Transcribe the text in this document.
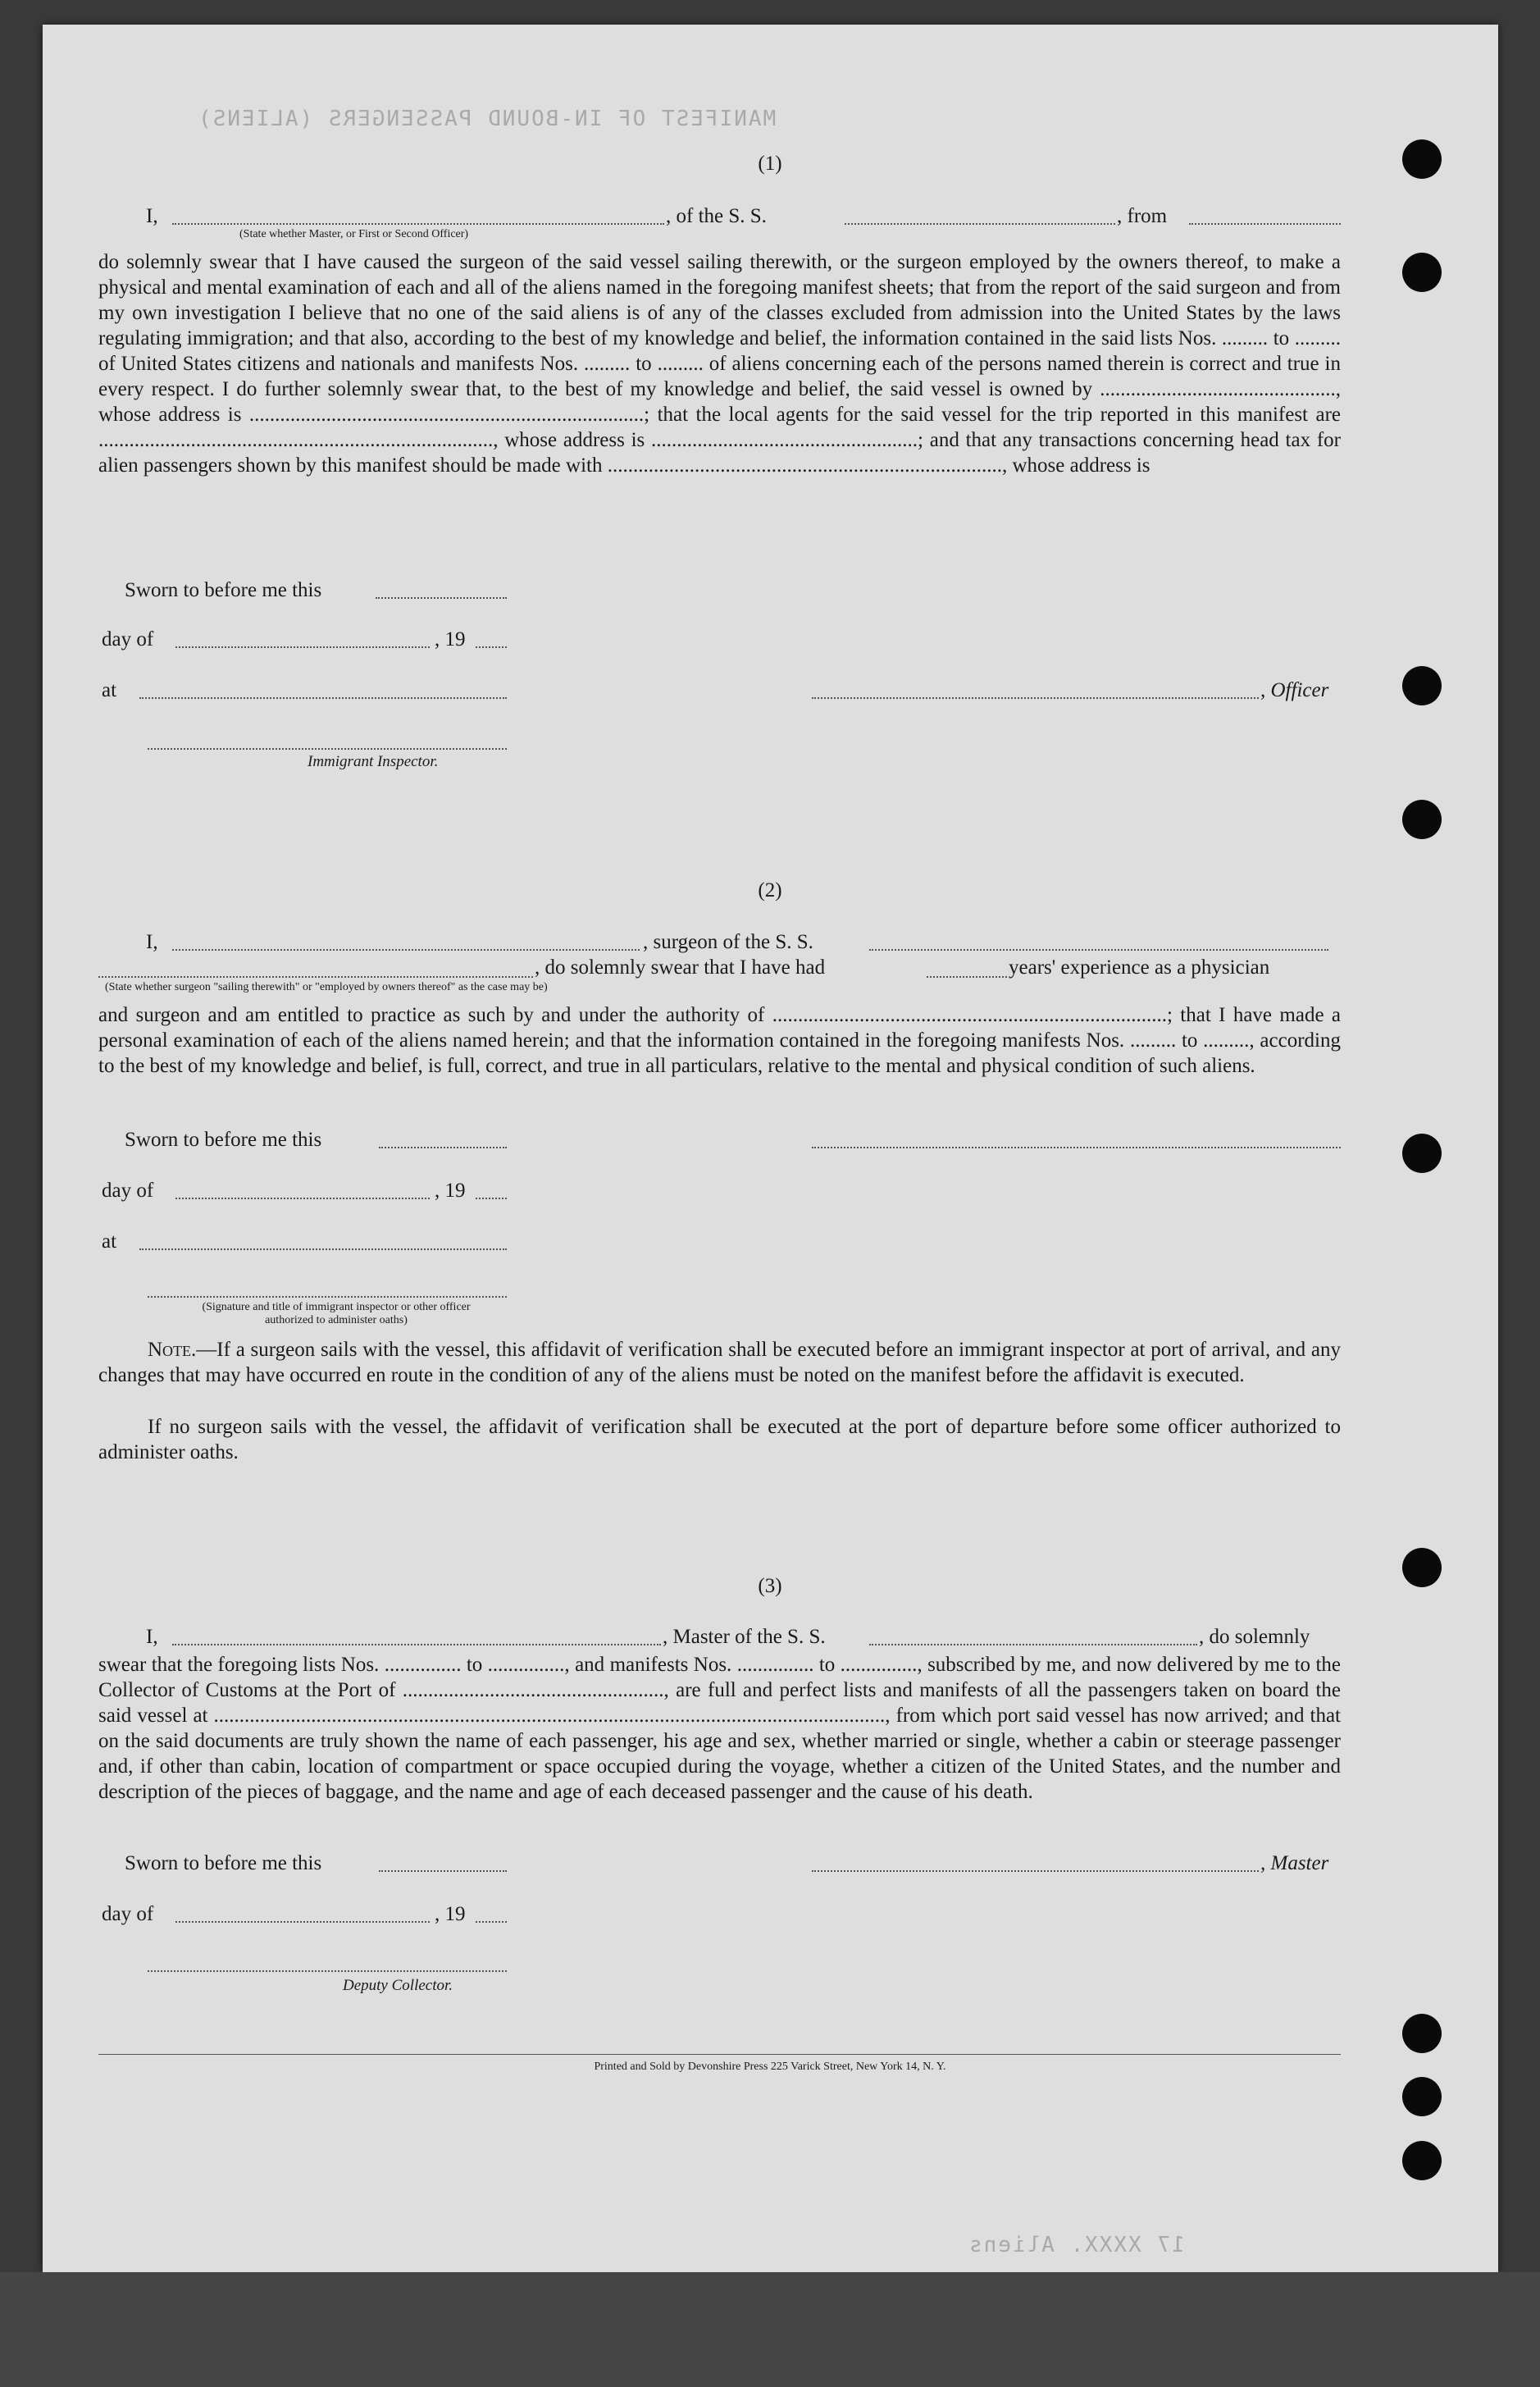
MANIFEST OF IN-BOUND PASSENGERS (ALIENS)
17 XXXX. Aliens
(1)
I,	, of the S. S.	, from
(State whether Master, or First or Second Officer)
do solemnly swear that I have caused the surgeon of the said vessel sailing therewith, or the surgeon employed by the owners thereof, to make a physical and mental examination of each and all of the aliens named in the foregoing manifest sheets; that from the report of the said surgeon and from my own investigation I believe that no one of the said aliens is of any of the classes excluded from admission into the United States by the laws regulating immigration; and that also, according to the best of my knowledge and belief, the information contained in the said lists Nos. ......... to ......... of United States citizens and nationals and manifests Nos. ......... to ......... of aliens concerning each of the persons named therein is correct and true in every respect. I do further solemnly swear that, to the best of my knowledge and belief, the said vessel is owned by .............................................., whose address is .............................................................................; that the local agents for the said vessel for the trip reported in this manifest are ............................................................................., whose address is ....................................................; and that any transactions concerning head tax for alien passengers shown by this manifest should be made with ............................................................................., whose address is
Sworn to before me this
day of	, 19
at	, Officer
Immigrant Inspector.
(2)
I,	, surgeon of the S. S.
, do solemnly swear that I have had	years' experience as a physician
(State whether surgeon "sailing therewith" or "employed by owners thereof" as the case may be)
and surgeon and am entitled to practice as such by and under the authority of .............................................................................; that I have made a personal examination of each of the aliens named herein; and that the information contained in the foregoing manifests Nos. ......... to ........., according to the best of my knowledge and belief, is full, correct, and true in all particulars, relative to the mental and physical condition of such aliens.
Sworn to before me this
day of	, 19
at
(Signature and title of immigrant inspector or other officer authorized to administer oaths)
Note.—If a surgeon sails with the vessel, this affidavit of verification shall be executed before an immigrant inspector at port of arrival, and any changes that may have occurred en route in the condition of any of the aliens must be noted on the manifest before the affidavit is executed.
If no surgeon sails with the vessel, the affidavit of verification shall be executed at the port of departure before some officer authorized to administer oaths.
(3)
I,	, Master of the S. S.	, do solemnly
swear that the foregoing lists Nos. ............... to ..............., and manifests Nos. ............... to ..............., subscribed by me, and now delivered by me to the Collector of Customs at the Port of ..................................................., are full and perfect lists and manifests of all the passengers taken on board the said vessel at ..................................................................................................................................., from which port said vessel has now arrived; and that on the said documents are truly shown the name of each passenger, his age and sex, whether married or single, whether a cabin or steerage passenger and, if other than cabin, location of compartment or space occupied during the voyage, whether a citizen of the United States, and the number and description of the pieces of baggage, and the name and age of each deceased passenger and the cause of his death.
Sworn to before me this	, Master
day of	, 19
Deputy Collector.
Printed and Sold by Devonshire Press 225 Varick Street, New York 14, N. Y.
